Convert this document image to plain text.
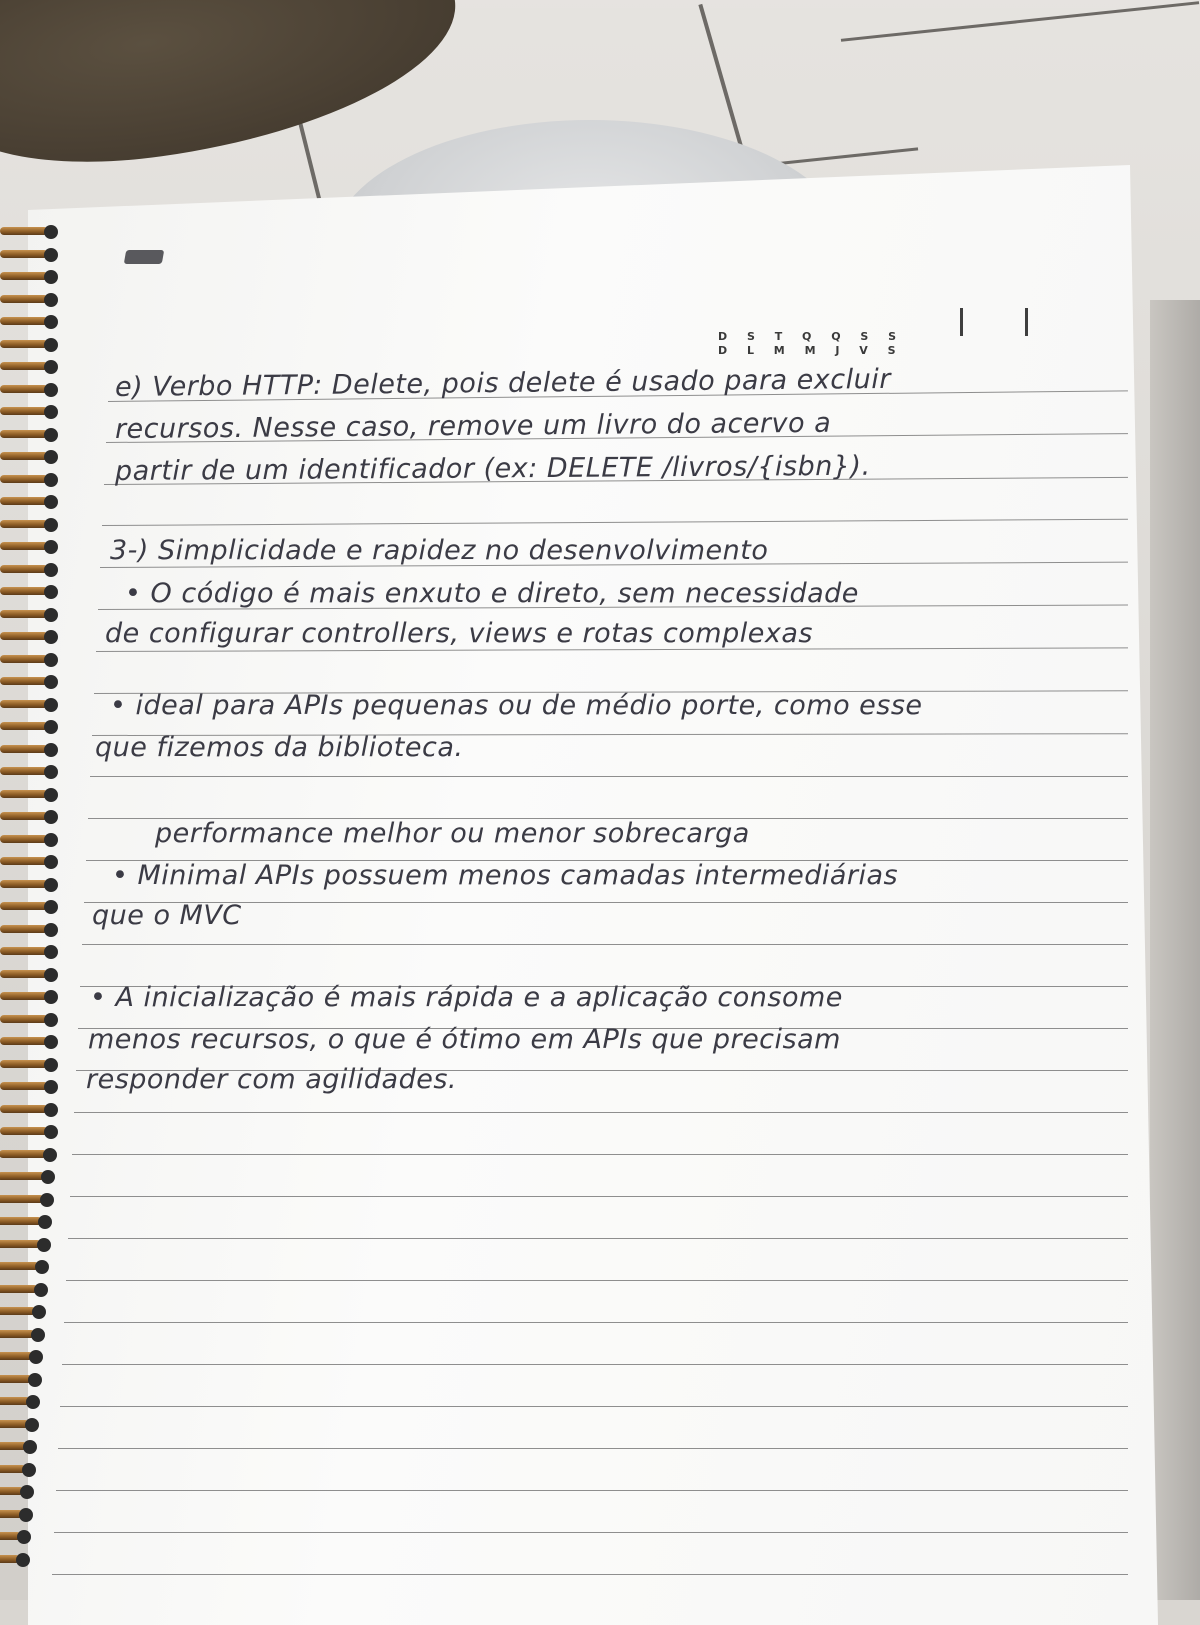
D S T Q Q S S
D L M M J V S
e) Verbo HTTP: Delete, pois delete é usado para excluir
recursos. Nesse caso, remove um livro do acervo a
partir de um identificador (ex: DELETE /livros/{isbn}).
3-) Simplicidade e rapidez no desenvolvimento
• O código é mais enxuto e direto, sem necessidade
de configurar controllers, views e rotas complexas
• ideal para APIs pequenas ou de médio porte, como esse
que fizemos da biblioteca.
performance melhor ou menor sobrecarga
• Minimal APIs possuem menos camadas intermediárias
que o MVC
• A inicialização é mais rápida e a aplicação consome
menos recursos, o que é ótimo em APIs que precisam
responder com agilidades.
